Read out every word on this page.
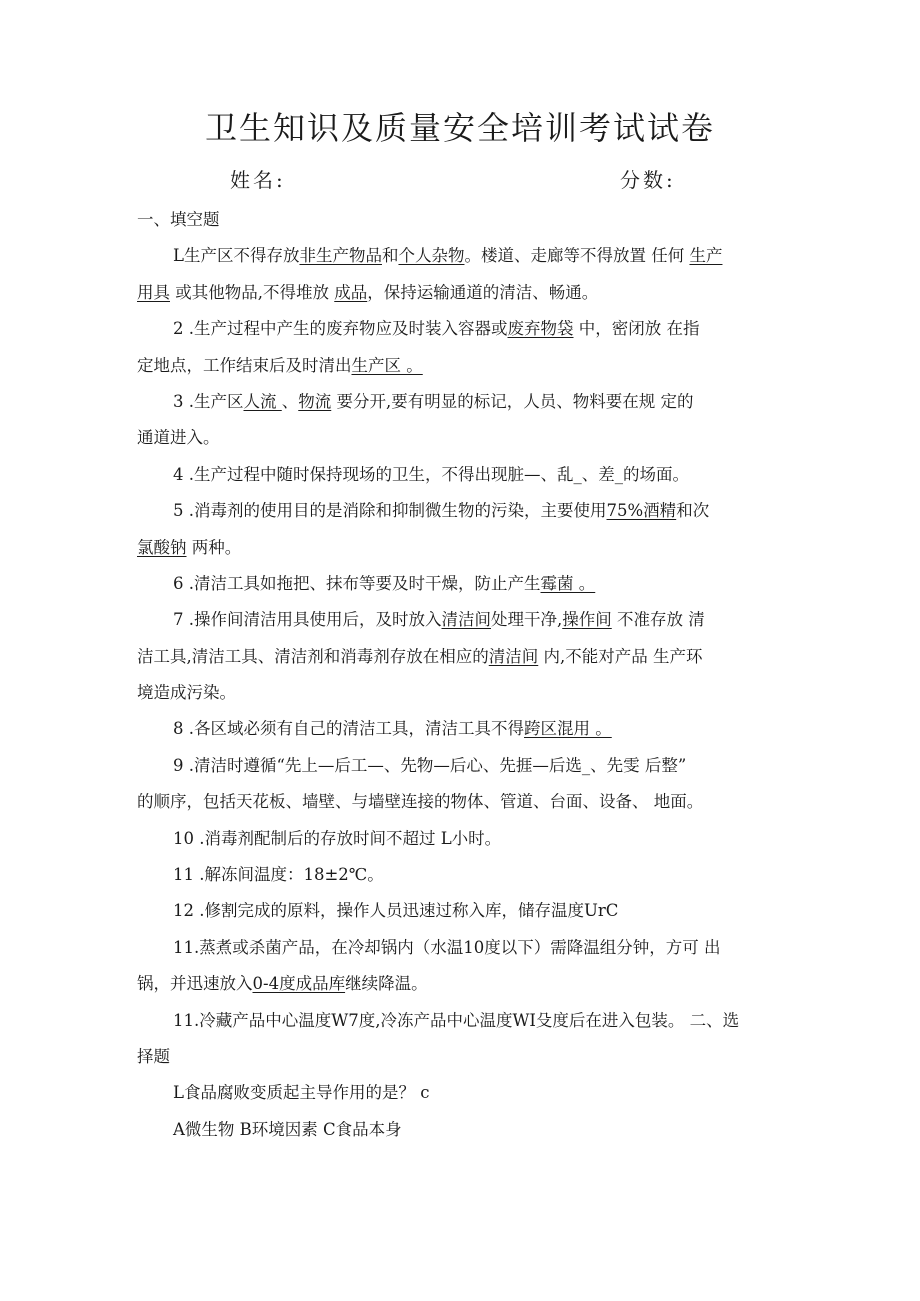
卫生知识及质量安全培训考试试卷
姓名:	分数:
一、填空题
L生产区不得存放非生产物品和个人杂物。楼道、走廊等不得放置 任何 生产
用具 或其他物品,不得堆放 成品，保持运输通道的清洁、畅通。
2 .生产过程中产生的废弃物应及时装入容器或废弃物袋 中，密闭放 在指
定地点，工作结束后及时清出生产区 。
3 .生产区人流 、物流 要分开,要有明显的标记，人员、物料要在规 定的
通道进入。
4 .生产过程中随时保持现场的卫生，不得出现脏—、乱_、差_的场面。
5 .消毒剂的使用目的是消除和抑制微生物的污染，主要使用75%酒精和次
氯酸钠 两种。
6 .清洁工具如拖把、抹布等要及时干燥，防止产生霉菌 。
7 .操作间清洁用具使用后，及时放入清洁间处理干净,操作间 不准存放 清
洁工具,清洁工具、清洁剂和消毒剂存放在相应的清洁间 内,不能对产品 生产环
境造成污染。
8 .各区域必须有自己的清洁工具，清洁工具不得跨区混用 。
9 .清洁时遵循“先上—后工—、先物—后心、先捱—后选_、先雯 后整”
的顺序，包括天花板、墙壁、与墙壁连接的物体、管道、台面、设备、 地面。
10 .消毒剂配制后的存放时间不超过 L小时。
11 .解冻间温度：18±2℃。
12 .修割完成的原料，操作人员迅速过称入库，储存温度UrC
11.蒸煮或杀菌产品，在冷却锅内（水温10度以下）需降温组分钟，方可 出
锅，并迅速放入0-4度成品库继续降温。
11.冷藏产品中心温度W7度,冷冻产品中心温度WI殳度后在进入包装。 二、选
择题
L食品腐败变质起主导作用的是？ c
A微生物 B环境因素 C食品本身
